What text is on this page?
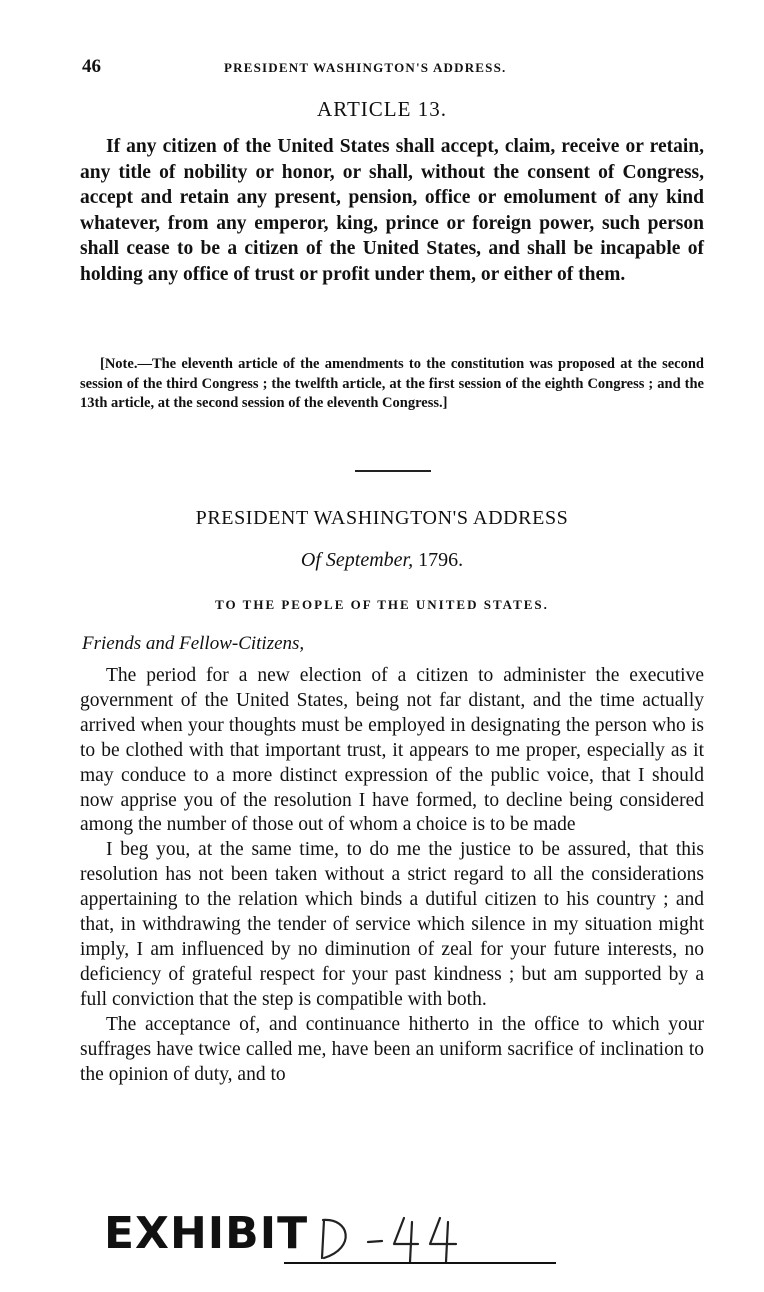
46	PRESIDENT WASHINGTON'S ADDRESS.
ARTICLE 13.
If any citizen of the United States shall accept, claim, receive or retain, any title of nobility or honor, or shall, without the consent of Congress, accept and retain any present, pension, office or emolument of any kind whatever, from any emperor, king, prince or foreign power, such person shall cease to be a citizen of the United States, and shall be incapable of holding any office of trust or profit under them, or either of them.
[Note.—The eleventh article of the amendments to the constitution was proposed at the second session of the third Congress ; the twelfth article, at the first session of the eighth Congress ; and the 13th article, at the second session of the eleventh Congress.]
PRESIDENT WASHINGTON'S ADDRESS
Of September, 1796.
TO THE PEOPLE OF THE UNITED STATES.
Friends and Fellow-Citizens,

The period for a new election of a citizen to administer the executive government of the United States, being not far distant, and the time actually arrived when your thoughts must be employed in designating the person who is to be clothed with that important trust, it appears to me proper, especially as it may conduce to a more distinct expression of the public voice, that I should now apprise you of the resolution I have formed, to decline being considered among the number of those out of whom a choice is to be made

I beg you, at the same time, to do me the justice to be assured, that this resolution has not been taken without a strict regard to all the considerations appertaining to the relation which binds a dutiful citizen to his country ; and that, in withdrawing the tender of service which silence in my situation might imply, I am influenced by no diminution of zeal for your future interests, no deficiency of grateful respect for your past kindness ; but am supported by a full conviction that the step is compatible with both.

The acceptance of, and continuance hitherto in the office to which your suffrages have twice called me, have been an uniform sacrifice of inclination to the opinion of duty, and to

EXHIBIT
